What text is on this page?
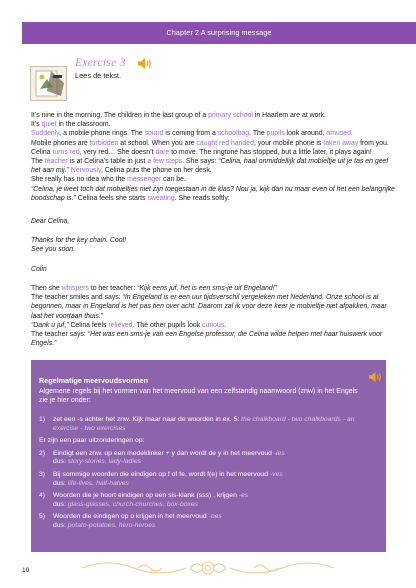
Chapter 2 A surprising message
Exercise 3
Lees de tekst.

It’s nine in the morning. The children in the last group of a primary school in Haarlem are at work.

It’s quiet in the classroom.

Suddenly, a mobile phone rings. The sound is coming from a schoolbag. The pupils look around, amused.

Mobile phones are forbidden at school. When you are caught red handed, your mobile phone is taken away from you.

Celina turns red, very red… She doesn’t dare to move. The ringtone has stopped, but a little later, it plays again!

The teacher is at Celina’s table in just a few steps. She says: “Celina, haal onmiddellijk dat mobieltje uit je tas en geef het aan mij.” Nervously, Celina puts the phone on her desk.

She really has no idea who the messenger can be.

“Celina, je weet toch dat mobieltjes niet zijn toegestaan in de klas? Nou ja, kijk dan nu maar even of het een belangrijke boodschap is.” Celina feels she starts sweating. She reads softly:

Dear Celina,

Thanks for the key chain. Cool!

See you soon.

Colin

Then she whispers to her teacher: “Kijk eens juf, het is een sms-je uit Engeland!”

The teacher smiles and says: “In Engeland is er een uur tijdsverschil vergeleken met Nederland. Onze school is al begonnen, maar in Engeland is het pas tien over acht. Daarom zal ik voor deze keer je mobieltje niet afpakken, maar laat het voortaan thuis.”

“Dank u juf,” Celina feels relieved. The other pupils look curious.

The teacher says: “Het was een sms-je van een Engelse professor, die Celina wilde helpen met haar huiswerk voor Engels.”

Regelmatige meervoudsvormen
Algemene regels bij het vormen van het meervoud van een zelfstandig naamwoord (znw) in het Engels zie je hier onder:
1) zet een -s achter het znw. Kijk maar naar de woorden in ex. 5: the chalkboard - two chalkboards - an exercise - two exercises
Er zijn een paar uitzonderingen op:
2) Eindigt een znw. op een medeklinker + y dan wordt de y in het meervoud -ies
dus: story-stories, lady-ladies
3) Bij sommige woorden die eindigen op f of fe, wordt f(e) in het meervoud -ves
dus: life-lives, half-halves
4) Woorden die je hoort eindigen op een sis-klank (sss) , krijgen -es
dus: glass-glasses, church-churches, box-boxes
5) Woorden die eindigen op o krijgen in het meervoud -oes
dus: potato-potatoes, hero-heroes
10
